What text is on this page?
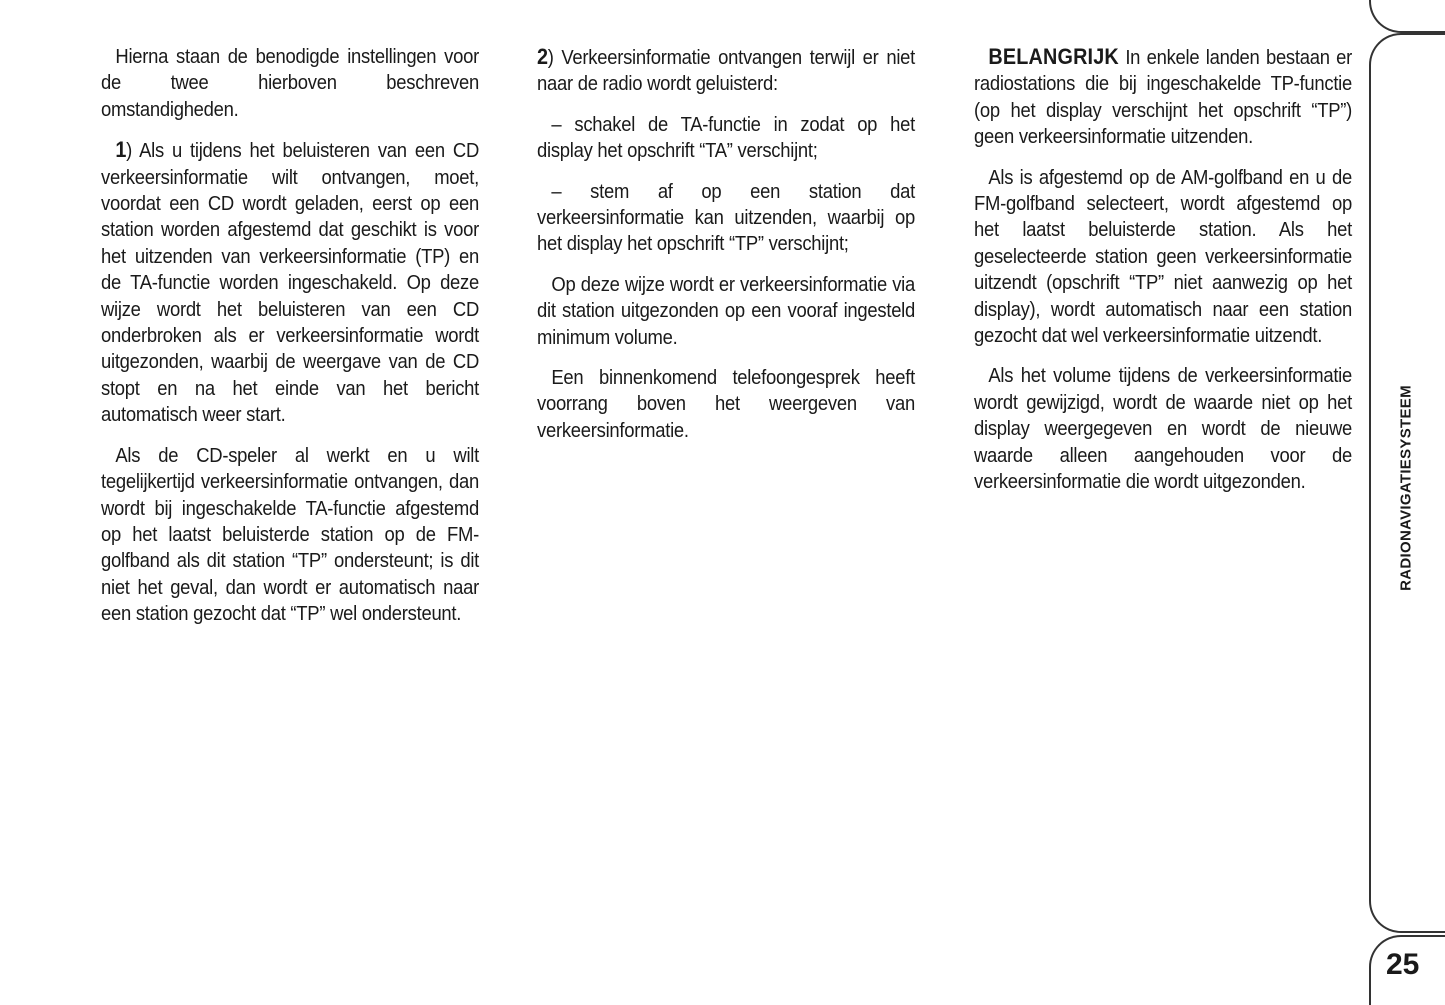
Hierna staan de benodigde instellingen voor de twee hierboven beschreven omstandigheden.

1) Als u tijdens het beluisteren van een CD verkeersinformatie wilt ontvangen, moet, voordat een CD wordt geladen, eerst op een station worden afgestemd dat geschikt is voor het uitzenden van verkeersinformatie (TP) en de TA-functie worden ingeschakeld. Op deze wijze wordt het beluisteren van een CD onderbroken als er verkeersinformatie wordt uitgezonden, waarbij de weergave van de CD stopt en na het einde van het bericht automatisch weer start.

Als de CD-speler al werkt en u wilt tegelijkertijd verkeersinformatie ontvangen, dan wordt bij ingeschakelde TA-functie afgestemd op het laatst beluisterde station op de FM-golfband als dit station “TP” ondersteunt; is dit niet het geval, dan wordt er automatisch naar een station gezocht dat “TP” wel ondersteunt.

2) Verkeersinformatie ontvangen terwijl er niet naar de radio wordt geluisterd:

– schakel de TA-functie in zodat op het display het opschrift “TA” verschijnt;

– stem af op een station dat verkeersinformatie kan uitzenden, waarbij op het display het opschrift “TP” verschijnt;

Op deze wijze wordt er verkeersinformatie via dit station uitgezonden op een vooraf ingesteld minimum volume.

Een binnenkomend telefoongesprek heeft voorrang boven het weergeven van verkeersinformatie.

BELANGRIJK In enkele landen bestaan er radiostations die bij ingeschakelde TP-functie (op het display verschijnt het opschrift “TP”) geen verkeersinformatie uitzenden.

Als is afgestemd op de AM-golfband en u de FM-golfband selecteert, wordt afgestemd op het laatst beluisterde station. Als het geselecteerde station geen verkeersinformatie uitzendt (opschrift “TP” niet aanwezig op het display), wordt automatisch naar een station gezocht dat wel verkeersinformatie uitzendt.

Als het volume tijdens de verkeersinformatie wordt gewijzigd, wordt de waarde niet op het display weergegeven en wordt de nieuwe waarde alleen aangehouden voor de verkeersinformatie die wordt uitgezonden.	RADIONAVIGATIESYSTEEM
25
